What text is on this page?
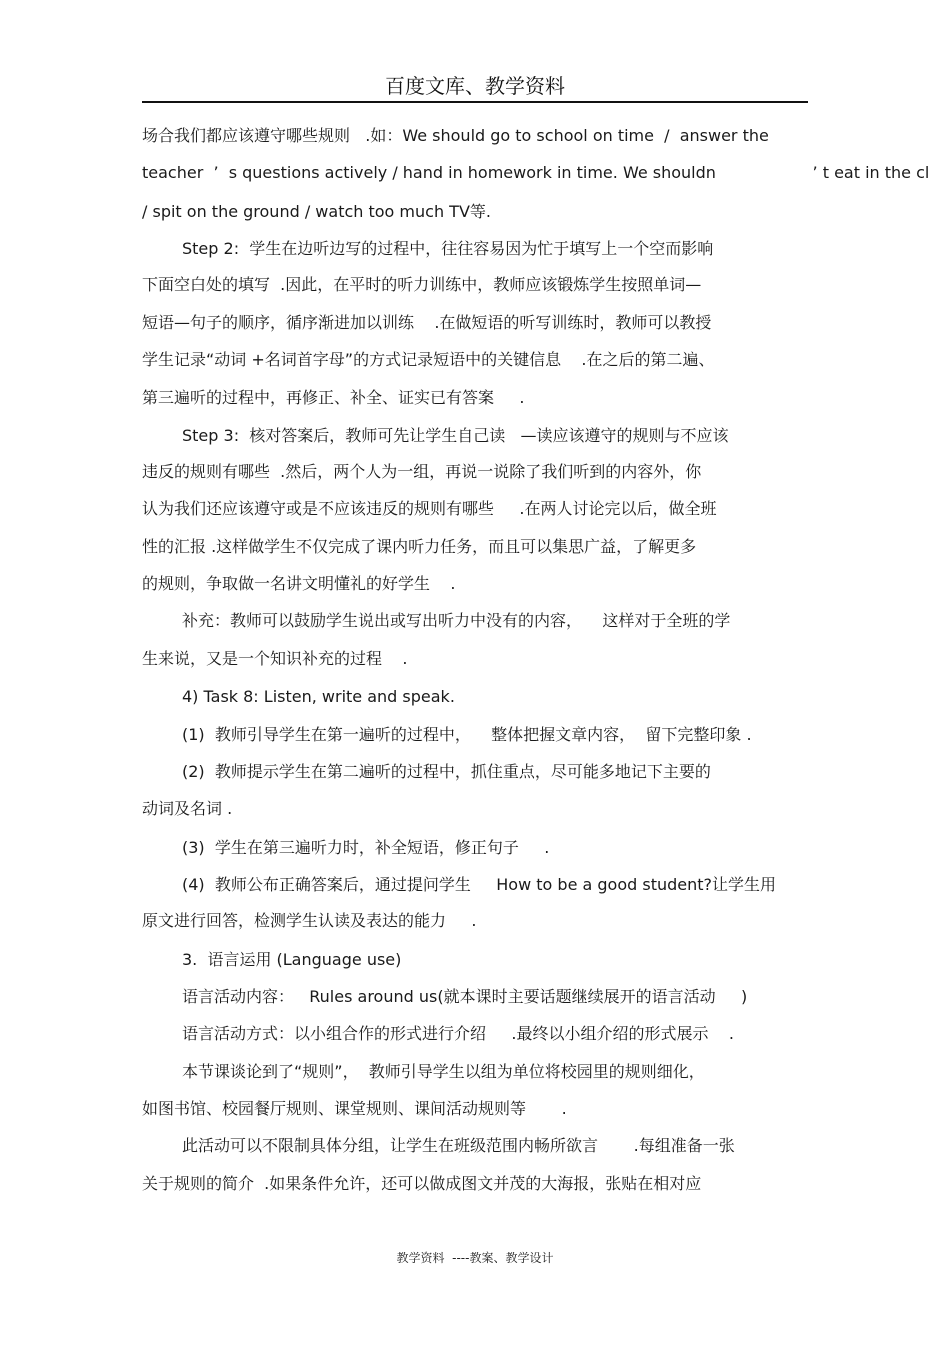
百度文库、教学资料
场合我们都应该遵守哪些规则   .如：We should go to school on time  /  answer the
teacher  ’  s questions actively / hand in homework in time. We shouldn                   ’ t eat in the cl
/ spit on the ground / watch too much TV等.
Step 2:  学生在边听边写的过程中，往往容易因为忙于填写上一个空而影响
下面空白处的填写  .因此，在平时的听力训练中，教师应该锻炼学生按照单词—
短语—句子的顺序，循序渐进加以训练    .在做短语的听写训练时，教师可以教授
学生记录“动词 +名词首字母”的方式记录短语中的关键信息    .在之后的第二遍、
第三遍听的过程中，再修正、补全、证实已有答案     .
Step 3:  核对答案后，教师可先让学生自己读   —读应该遵守的规则与不应该
违反的规则有哪些  .然后，两个人为一组，再说一说除了我们听到的内容外，你
认为我们还应该遵守或是不应该违反的规则有哪些     .在两人讨论完以后，做全班
性的汇报 .这样做学生不仅完成了课内听力任务，而且可以集思广益，了解更多
的规则，争取做一名讲文明懂礼的好学生    .
补充：教师可以鼓励学生说出或写出听力中没有的内容，    这样对于全班的学
生来说，又是一个知识补充的过程    .
4) Task 8: Listen, write and speak.
(1)  教师引导学生在第一遍听的过程中，    整体把握文章内容，  留下完整印象 .
(2)  教师提示学生在第二遍听的过程中，抓住重点，尽可能多地记下主要的
动词及名词 .
(3)  学生在第三遍听力时，补全短语，修正句子     .
(4)  教师公布正确答案后，通过提问学生     How to be a good student?让学生用
原文进行回答，检测学生认读及表达的能力     .
3.  语言运用 (Language use)
语言活动内容：   Rules around us(就本课时主要话题继续展开的语言活动     )
语言活动方式：以小组合作的形式进行介绍     .最终以小组介绍的形式展示    .
本节课谈论到了“规则”，  教师引导学生以组为单位将校园里的规则细化，
如图书馆、校园餐厅规则、课堂规则、课间活动规则等       .
此活动可以不限制具体分组，让学生在班级范围内畅所欲言       .每组准备一张
关于规则的简介  .如果条件允许，还可以做成图文并茂的大海报，张贴在相对应
教学资料  ----教案、教学设计
